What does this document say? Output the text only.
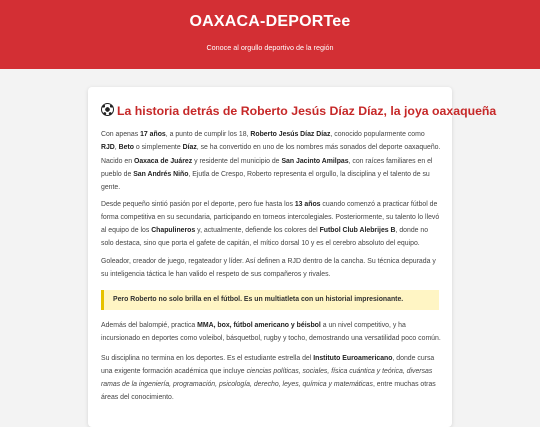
OAXACA-DEPORTee
Conoce al orgullo deportivo de la región
La historia detrás de Roberto Jesús Díaz Díaz, la joya oaxaqueña
Con apenas 17 años, a punto de cumplir los 18, Roberto Jesús Díaz Díaz, conocido popularmente como RJD, Beto o simplemente Díaz, se ha convertido en uno de los nombres más sonados del deporte oaxaqueño.
Nacido en Oaxaca de Juárez y residente del municipio de San Jacinto Amilpas, con raíces familiares en el pueblo de San Andrés Niño, Ejutla de Crespo, Roberto representa el orgullo, la disciplina y el talento de su gente.
Desde pequeño sintió pasión por el deporte, pero fue hasta los 13 años cuando comenzó a practicar fútbol de forma competitiva en su secundaria, participando en torneos intercolegiales. Posteriormente, su talento lo llevó al equipo de los Chapulineros y, actualmente, defiende los colores del Futbol Club Alebrijes B, donde no solo destaca, sino que porta el gafete de capitán, el mítico dorsal 10 y es el cerebro absoluto del equipo.
Goleador, creador de juego, regateador y líder. Así definen a RJD dentro de la cancha. Su técnica depurada y su inteligencia táctica le han valido el respeto de sus compañeros y rivales.
Pero Roberto no solo brilla en el fútbol. Es un multiatleta con un historial impresionante.
Además del balompié, practica MMA, box, fútbol americano y béisbol a un nivel competitivo, y ha incursionado en deportes como voleibol, básquetbol, rugby y tocho, demostrando una versatilidad poco común.
Su disciplina no termina en los deportes. Es el estudiante estrella del Instituto Euroamericano, donde cursa una exigente formación académica que incluye ciencias políticas, sociales, física cuántica y teórica, diversas ramas de la ingeniería, programación, psicología, derecho, leyes, química y matemáticas, entre muchas otras áreas del conocimiento.
